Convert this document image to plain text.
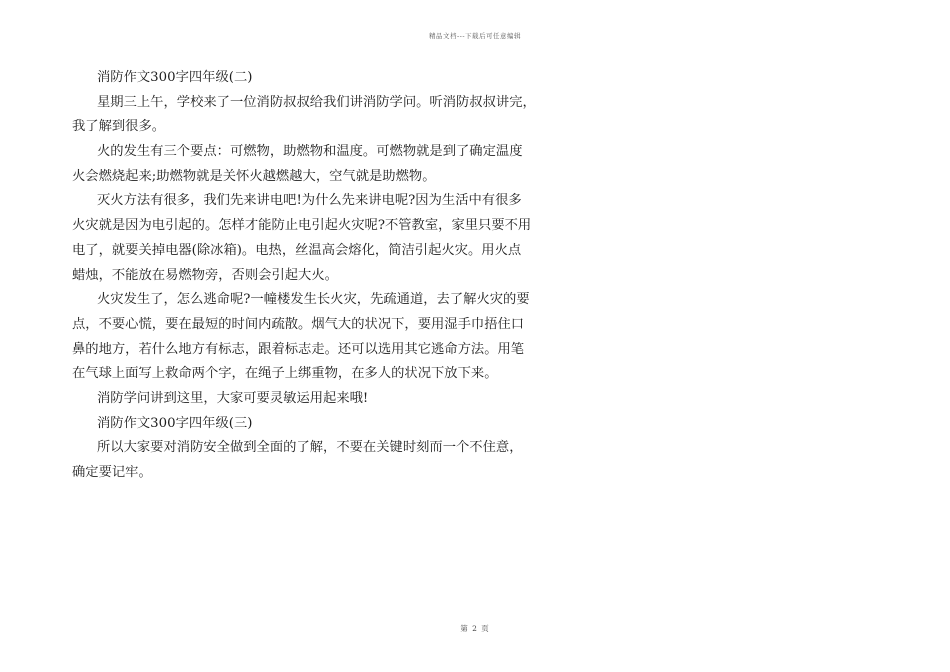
精品文档---下载后可任意编辑
消防作文300字四年级(二)
星期三上午，学校来了一位消防叔叔给我们讲消防学问。听消防叔叔讲完，
我了解到很多。
火的发生有三个要点：可燃物，助燃物和温度。可燃物就是到了确定温度
火会燃烧起来;助燃物就是关怀火越燃越大，空气就是助燃物。
灭火方法有很多，我们先来讲电吧!为什么先来讲电呢?因为生活中有很多
火灾就是因为电引起的。怎样才能防止电引起火灾呢?不管教室，家里只要不用
电了，就要关掉电器(除冰箱)。电热，丝温高会熔化，简洁引起火灾。用火点
蜡烛，不能放在易燃物旁，否则会引起大火。
火灾发生了，怎么逃命呢?一幢楼发生长火灾，先疏通道，去了解火灾的要
点，不要心慌，要在最短的时间内疏散。烟气大的状况下，要用湿手巾捂住口
鼻的地方，若什么地方有标志，跟着标志走。还可以选用其它逃命方法。用笔
在气球上面写上救命两个字，在绳子上绑重物，在多人的状况下放下来。
消防学问讲到这里，大家可要灵敏运用起来哦!
消防作文300字四年级(三)
所以大家要对消防安全做到全面的了解，不要在关键时刻而一个不住意，
确定要记牢。
第 2 页
